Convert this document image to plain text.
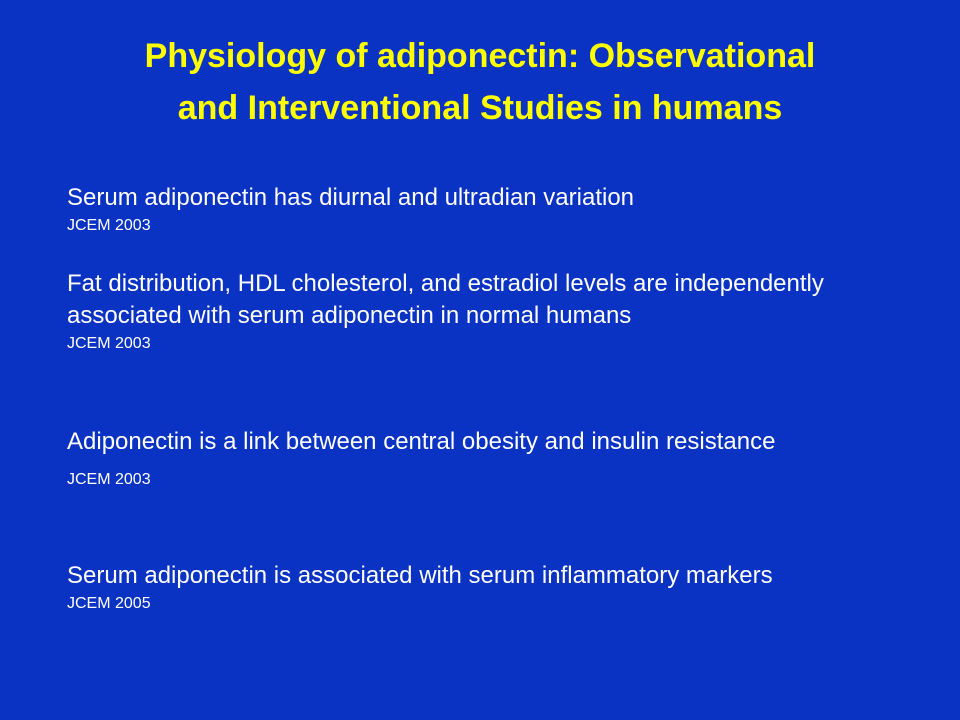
Physiology of adiponectin: Observational
and Interventional Studies in humans
Serum adiponectin has diurnal and ultradian variation
JCEM 2003
Fat distribution, HDL cholesterol, and estradiol levels are independently associated with serum adiponectin in normal humans
JCEM 2003
Adiponectin is a link between central obesity and insulin resistance
JCEM 2003
Serum adiponectin is associated with serum inflammatory markers
JCEM 2005
